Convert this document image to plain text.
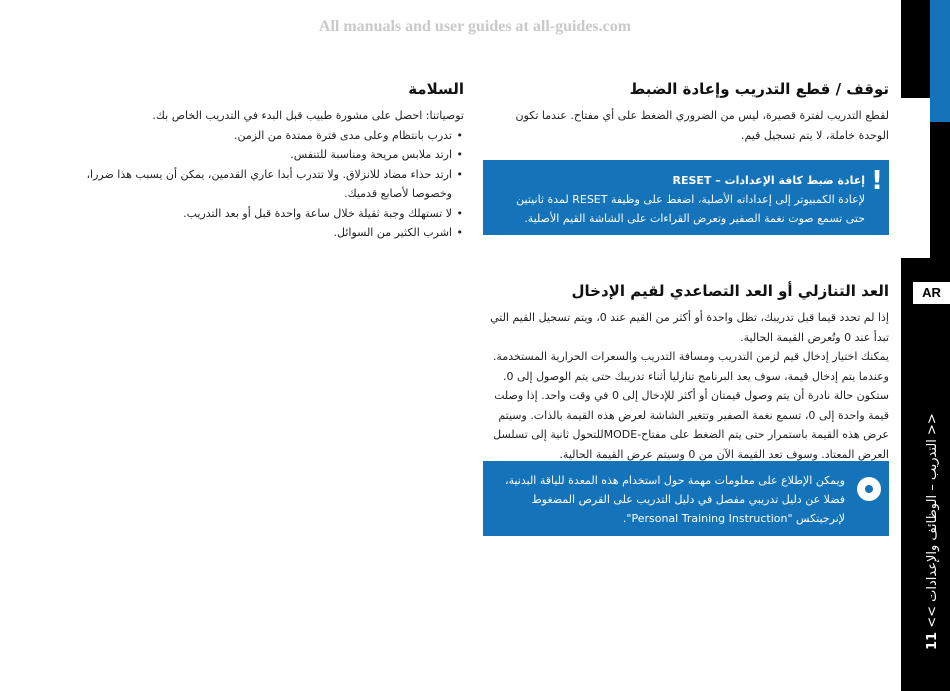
All manuals and user guides at all-guides.com
AR
11 << التدريب – الوظائف والإعدادات >>
توقف / قطع التدريب وإعادة الضبط

لقطع التدريب لفترة قصيرة، ليس من الضروري الضغط على أي مفتاح. عندما تكون الوحدة خاملة، لا يتم تسجيل قيم.

!
إعادة ضبط كافة الإعدادات – RESET
لإعادة الكمبيوتر إلى إعداداته الأصلية، اضغط على وظيفة RESET لمدة ثانيتين حتى تسمع صوت نغمة الصفير وتعرض القراءات على الشاشة القيم الأصلية.
العد التنازلي أو العد التصاعدي لقيم الإدخال

إذا لم تحدد قيما قبل تدريبك، تظل واحدة أو أكثر من القيم عند 0، ويتم تسجيل القيم التي تبدأ عند 0 وتُعرض القيمة الحالية.

يمكنك اختيار إدخال قيم لزمن التدريب ومسافة التدريب والسعرات الحرارية المستخدمة. وعندما يتم إدخال قيمة، سوف يعد البرنامج تنازليا أثناء تدريبك حتى يتم الوصول إلى 0.

ستكون حالة نادرة أن يتم وصول قيمتان أو أكثر للإدخال إلى 0 في وقت واحد. إذا وصلت قيمة واحدة إلى 0، تسمع نغمة الصفير وتتغير الشاشة لعرض هذه القيمة بالذات. وسيتم عرض هذه القيمة باستمرار حتى يتم الضغط على مفتاح-MODEللتحول ثانية إلى تسلسل العرض المعتاد. وسوف تعد القيمة الآن من 0 وسيتم عرض القيمة الحالية.

ويمكن الإطلاع على معلومات مهمة حول استخدام هذه المعدة للياقة البدنية، فضلا عن دليل تدريبي مفصل في دليل التدريب على القرص المضغوط لإنرجيتكس "Personal Training Instruction".
السلامة

توصياتنا: احصل على مشورة طبيب قبل البدء في التدريب الخاص بك.

• تدرب بانتظام وعلى مدى فترة ممتدة من الزمن.
• ارتد ملابس مريحة ومناسبة للتنفس.
• ارتد حذاء مضاد للانزلاق. ولا تتدرب أبدا عاري القدمين، يمكن أن يسبب هذا ضررا، وخصوصا لأصابع قدميك.
• لا تستهلك وجبة ثقيلة خلال ساعة واحدة قبل أو بعد التدريب.
• اشرب الكثير من السوائل.
